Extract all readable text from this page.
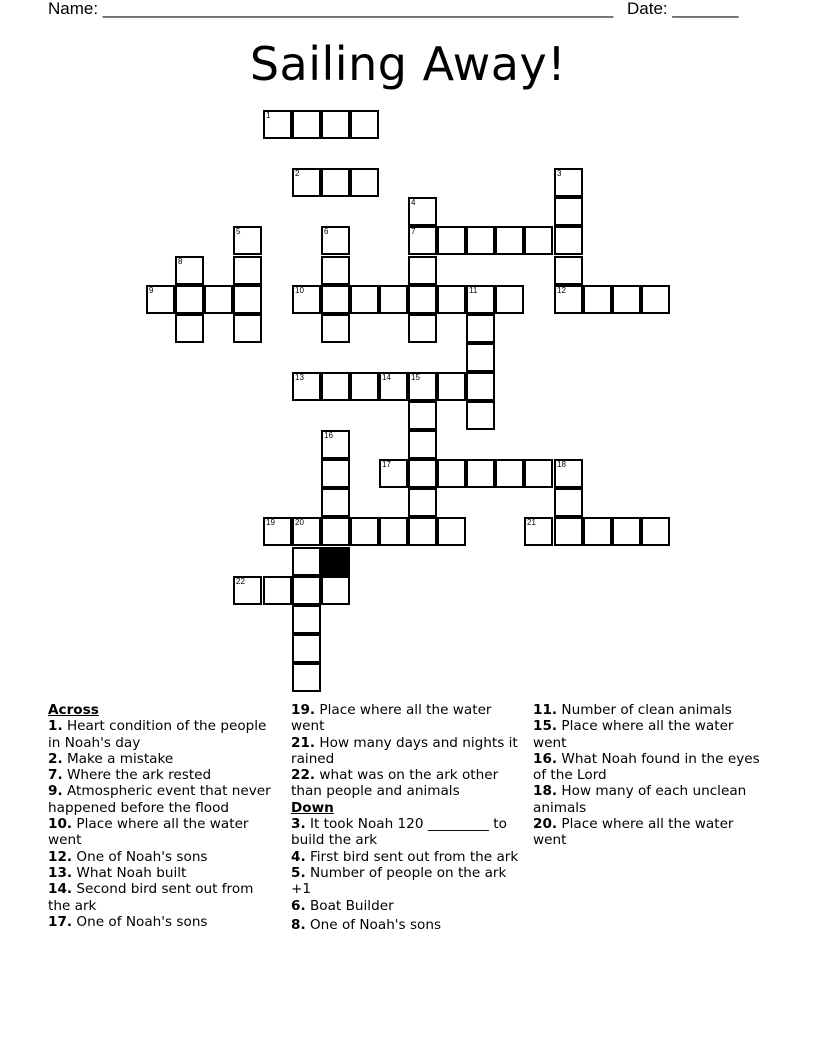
Name: ______________________________________________________ Date: _______
Sailing Away!
1
2
7
9	10	11	12
13	14	15
17	18
19	20	21
22
3
4
5	6
8
16

Across

1. Heart condition of the people in Noah's day

2. Make a mistake

7. Where the ark rested

9. Atmospheric event that never happened before the flood

10. Place where all the water went

12. One of Noah's sons

13. What Noah built

14. Second bird sent out from the ark

17. One of Noah's sons

19. Place where all the water went

21. How many days and nights it rained

22. what was on the ark other than people and animals

Down

3. It took Noah 120 _________ to build the ark

4. First bird sent out from the ark

5. Number of people on the ark +1

6. Boat Builder

8. One of Noah's sons

11. Number of clean animals

15. Place where all the water went

16. What Noah found in the eyes of the Lord

18. How many of each unclean animals

20. Place where all the water went
